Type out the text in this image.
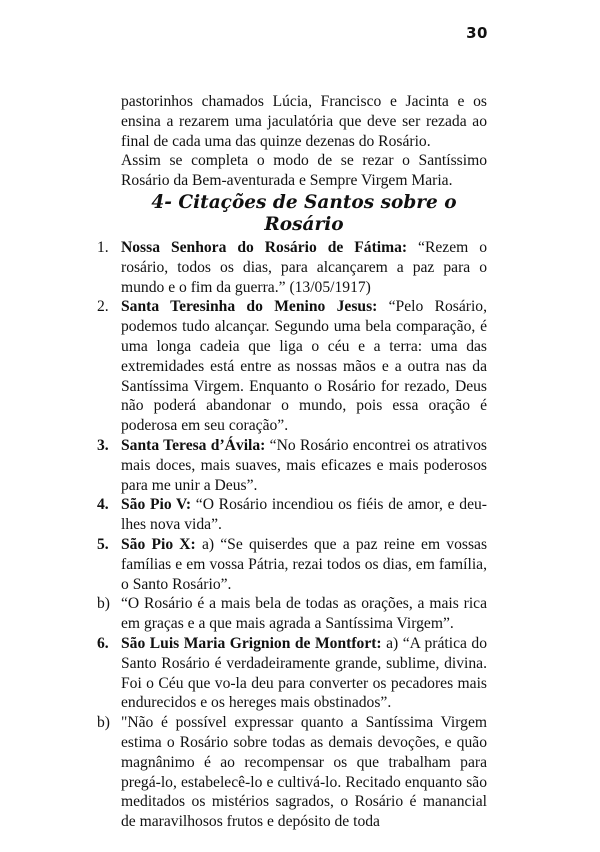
30

pastorinhos chamados Lúcia, Francisco e Jacinta e os ensina a rezarem uma jaculatória que deve ser rezada ao final de cada uma das quinze dezenas do Rosário.

Assim se completa o modo de se rezar o Santíssimo Rosário da Bem-aventurada e Sempre Virgem Maria.

4- Citações de Santos sobre o Rosário
1. Nossa Senhora do Rosário de Fátima: “Rezem o rosário, todos os dias, para alcançarem a paz para o mundo e o fim da guerra.” (13/05/1917)
2. Santa Teresinha do Menino Jesus: “Pelo Rosário, podemos tudo alcançar. Segundo uma bela comparação, é uma longa cadeia que liga o céu e a terra: uma das extremidades está entre as nossas mãos e a outra nas da Santíssima Virgem. Enquanto o Rosário for rezado, Deus não poderá abandonar o mundo, pois essa oração é poderosa em seu coração”.
3. Santa Teresa d’Ávila: “No Rosário encontrei os atrativos mais doces, mais suaves, mais eficazes e mais poderosos para me unir a Deus”.
4. São Pio V: “O Rosário incendiou os fiéis de amor, e deu-lhes nova vida”.
5. São Pio X: a) “Se quiserdes que a paz reine em vossas famílias e em vossa Pátria, rezai todos os dias, em família, o Santo Rosário”.
b) “O Rosário é a mais bela de todas as orações, a mais rica em graças e a que mais agrada a Santíssima Virgem”.
6. São Luis Maria Grignion de Montfort: a) “A prática do Santo Rosário é verdadeiramente grande, sublime, divina. Foi o Céu que vo-la deu para converter os pecadores mais endurecidos e os hereges mais obstinados”.
b) "Não é possível expressar quanto a Santíssima Virgem estima o Rosário sobre todas as demais devoções, e quão magnânimo é ao recompensar os que trabalham para pregá-lo, estabelecê-lo e cultivá-lo. Recitado enquanto são meditados os mistérios sagrados, o Rosário é manancial de maravilhosos frutos e depósito de toda
